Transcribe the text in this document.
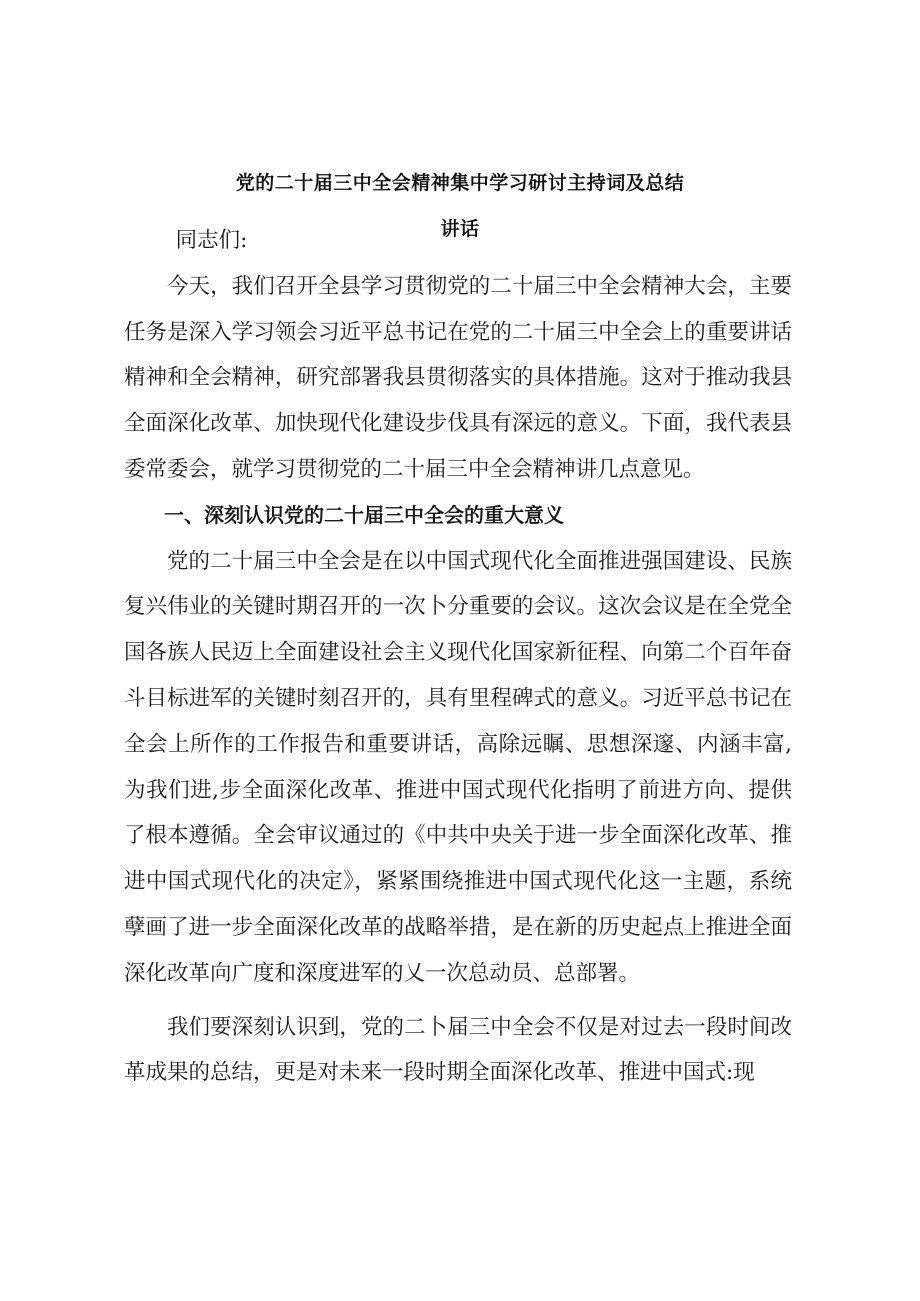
党的二十届三中全会精神集中学习研讨主持词及总结
讲话

同志们:

今天，我们召开全县学习贯彻党的二十届三中全会精神大会，主要任务是深入学习领会习近平总书记在党的二十届三中全会上的重要讲话精神和全会精神，研究部署我县贯彻落实的具体措施。这对于推动我县全面深化改革、加快现代化建设步伐具有深远的意义。下面，我代表县委常委会，就学习贯彻党的二十届三中全会精神讲几点意见。

一、深刻认识党的二十届三中全会的重大意义

党的二十届三中全会是在以中国式现代化全面推进强国建设、民族复兴伟业的关键时期召开的一次卜分重要的会议。这次会议是在全党全国各族人民迈上全面建设社会主义现代化国家新征程、向第二个百年奋斗目标进军的关键时刻召开的，具有里程碑式的意义。习近平总书记在全会上所作的工作报告和重要讲话，高除远瞩、思想深邃、内涵丰富,为我们进,步全面深化改革、推进中国式现代化指明了前进方向、提供了根本遵循。全会审议通过的《中共中央关于进一步全面深化改革、推进中国式现代化的决定》，紧紧围绕推进中国式现代化这一主题，系统孽画了进一步全面深化改革的战略举措，是在新的历史起点上推进全面深化改革向广度和深度进军的乂一次总动员、总部署。

我们要深刻认识到，党的二卜届三中全会不仅是对过去一段时间改革成果的总结，更是对未来一段时期全面深化改革、推进中国式:现
